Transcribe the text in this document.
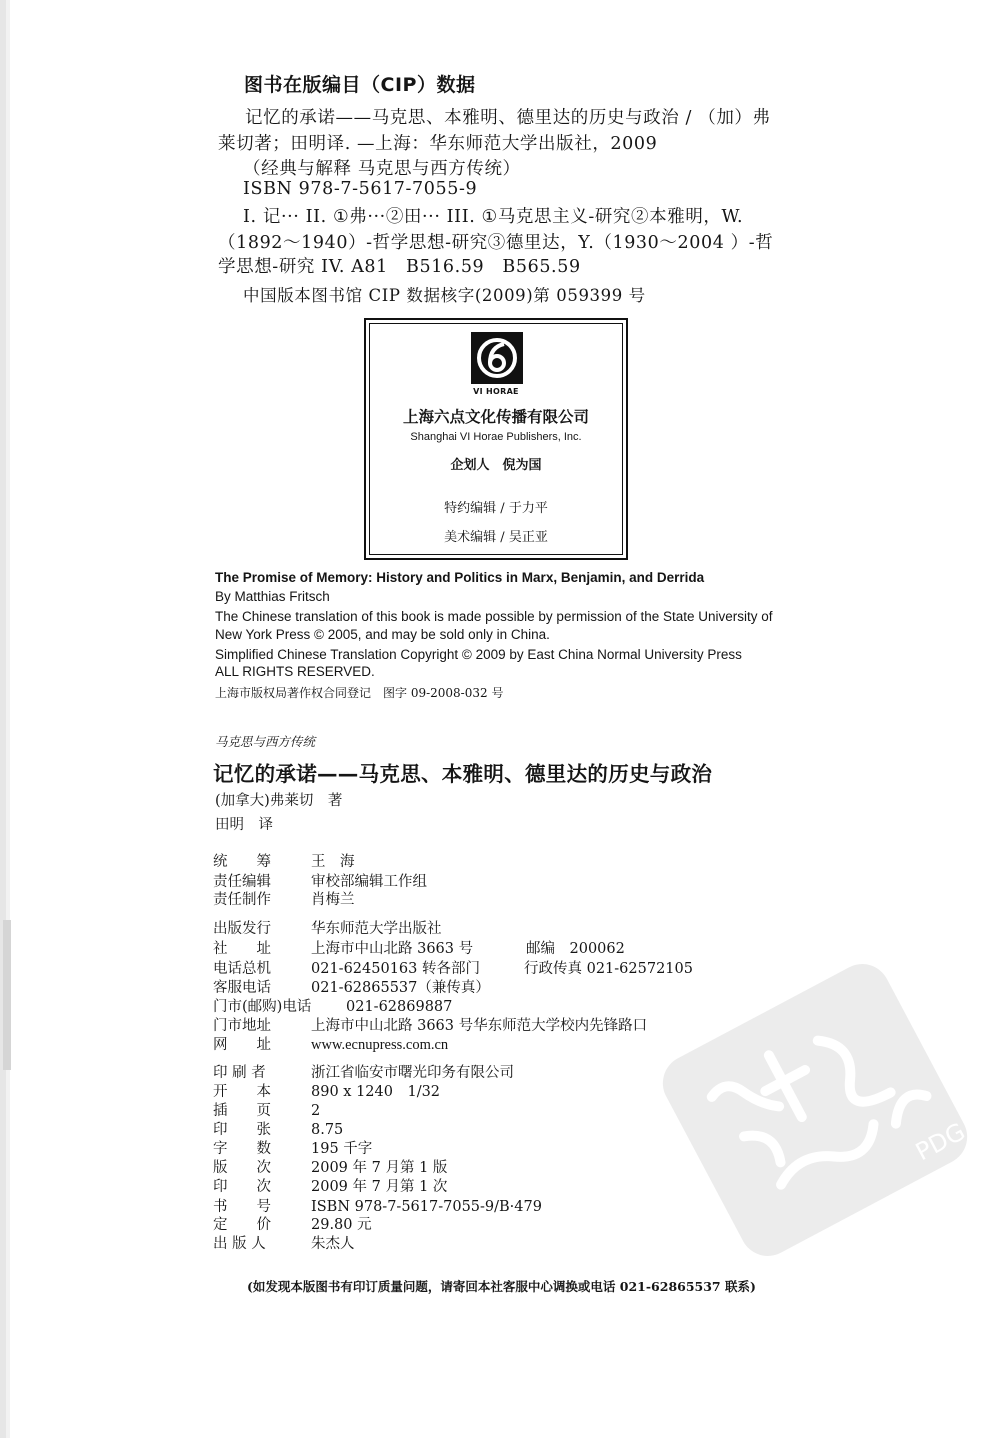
图书在版编目（CIP）数据
记忆的承诺——马克思、本雅明、德里达的历史与政治 / （加）弗
莱切著；田明译. —上海：华东师范大学出版社，2009
（经典与解释 马克思与西方传统）
ISBN 978-7-5617-7055-9
I. 记··· II. ①弗···②田··· III. ①马克思主义-研究②本雅明，W.
（1892～1940）-哲学思想-研究③德里达，Y.（1930～2004 ）-哲
学思想-研究 IV. A81　B516.59　B565.59
中国版本图书馆 CIP 数据核字(2009)第 059399 号
VI HORAE
上海六点文化传播有限公司
Shanghai VI Horae Publishers, Inc.
企划人　倪为国
特约编辑 / 于力平
美术编辑 / 吴正亚
The Promise of Memory: History and Politics in Marx, Benjamin, and Derrida
By Matthias Fritsch
The Chinese translation of this book is made possible by permission of the State University of
New York Press © 2005, and may be sold only in China.
Simplified Chinese Translation Copyright © 2009 by East China Normal University Press
ALL RIGHTS RESERVED.
上海市版权局著作权合同登记　图字 09-2008-032 号
马克思与西方传统
记忆的承诺——马克思、本雅明、德里达的历史与政治
(加拿大)弗莱切　著
田明　译
统　　筹	王　海
责任编辑	审校部编辑工作组
责任制作	肖梅兰
出版发行	华东师范大学出版社
社　　址	上海市中山北路 3663 号	邮编　200062
电话总机	021-62450163 转各部门	行政传真 021-62572105
客服电话	021-62865537（兼传真）
门市(邮购)电话 021-62869887
门市地址	上海市中山北路 3663 号华东师范大学校内先锋路口
网　　址	www.ecnupress.com.cn
印 刷 者	浙江省临安市曙光印务有限公司
开　　本	890 x 1240　1/32
插　　页	2
印　　张	8.75
字　　数	195 千字
版　　次	2009 年 7 月第 1 版
印　　次	2009 年 7 月第 1 次
书　　号	ISBN 978-7-5617-7055-9/B·479
定　　价	29.80 元
出 版 人	朱杰人
(如发现本版图书有印订质量问题，请寄回本社客服中心调换或电话 021-62865537 联系)
PDG
